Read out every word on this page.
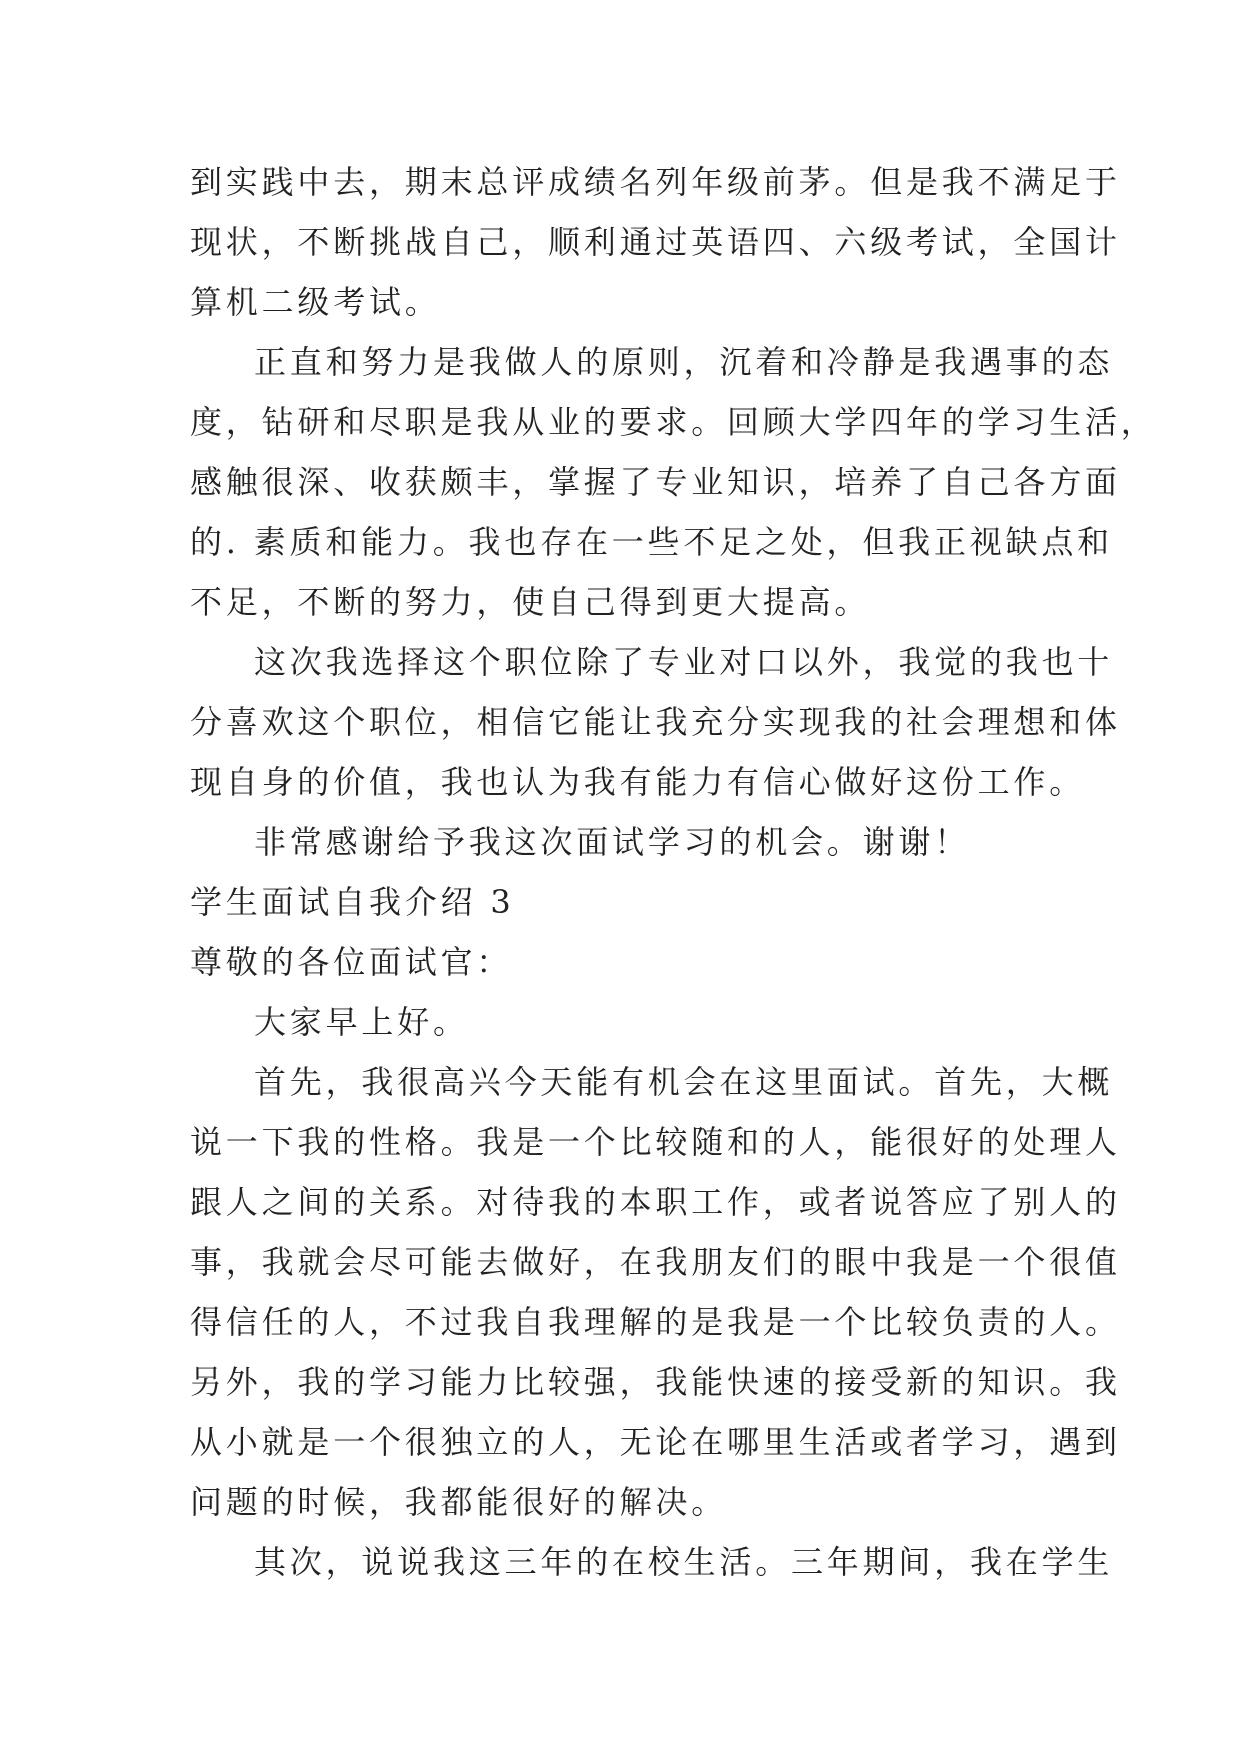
到实践中去，期末总评成绩名列年级前茅。但是我不满足于
现状，不断挑战自己，顺利通过英语四、六级考试，全国计
算机二级考试。
正直和努力是我做人的原则，沉着和冷静是我遇事的态
度，钻研和尽职是我从业的要求。回顾大学四年的学习生活，
感触很深、收获颇丰，掌握了专业知识，培养了自己各方面
的. 素质和能力。我也存在一些不足之处，但我正视缺点和
不足，不断的努力，使自己得到更大提高。
这次我选择这个职位除了专业对口以外，我觉的我也十
分喜欢这个职位，相信它能让我充分实现我的社会理想和体
现自身的价值，我也认为我有能力有信心做好这份工作。
非常感谢给予我这次面试学习的机会。谢谢！
学生面试自我介绍 3
尊敬的各位面试官：
大家早上好。
首先，我很高兴今天能有机会在这里面试。首先，大概
说一下我的性格。我是一个比较随和的人，能很好的处理人
跟人之间的关系。对待我的本职工作，或者说答应了别人的
事，我就会尽可能去做好，在我朋友们的眼中我是一个很值
得信任的人，不过我自我理解的是我是一个比较负责的人。
另外，我的学习能力比较强，我能快速的接受新的知识。我
从小就是一个很独立的人，无论在哪里生活或者学习，遇到
问题的时候，我都能很好的解决。
其次，说说我这三年的在校生活。三年期间，我在学生
